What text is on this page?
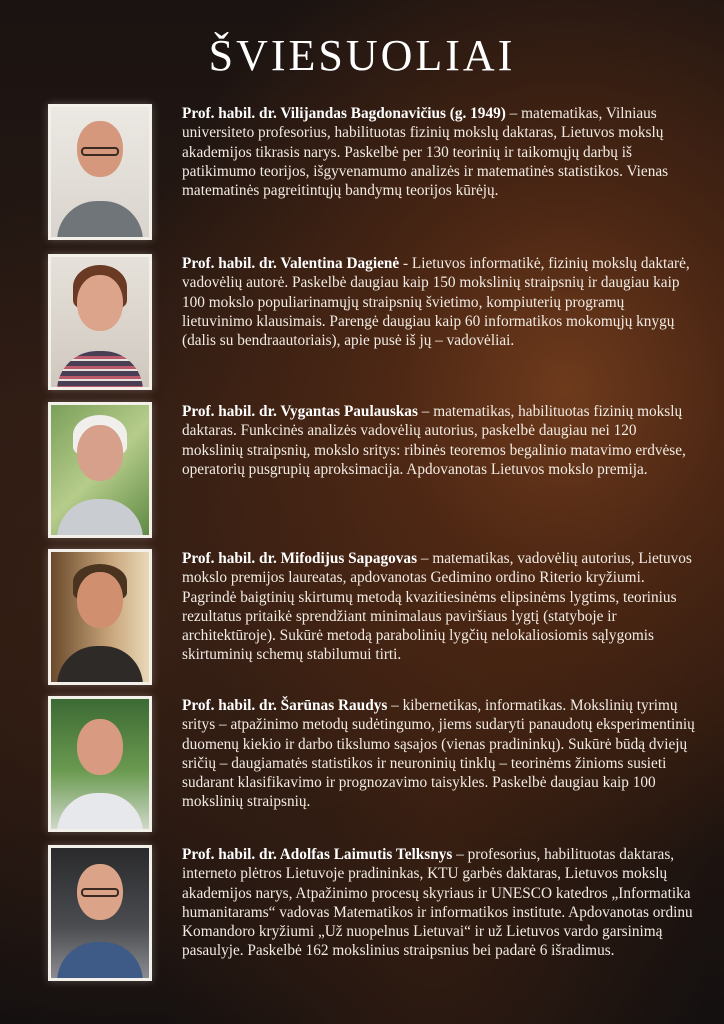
ŠVIESUOLIAI
Prof. habil. dr. Vilijandas Bagdonavičius (g. 1949) – matematikas, Vilniaus universiteto profesorius, habilituotas fizinių mokslų daktaras, Lietuvos mokslų akademijos tikrasis narys. Paskelbė per 130 teorinių ir taikomųjų darbų iš patikimumo teorijos, išgyvenamumo analizės ir matematinės statistikos. Vienas matematinės pagreitintųjų bandymų teorijos kūrėjų.
Prof. habil. dr. Valentina Dagienė - Lietuvos informatikė, fizinių mokslų daktarė, vadovėlių autorė. Paskelbė daugiau kaip 150 mokslinių straipsnių ir daugiau kaip 100 mokslo populiarinamųjų straipsnių švietimo, kompiuterių programų lietuvinimo klausimais. Parengė daugiau kaip 60 informatikos mokomųjų knygų (dalis su bendraautoriais), apie pusė iš jų – vadovėliai.
Prof. habil. dr. Vygantas Paulauskas – matematikas, habilituotas fizinių mokslų daktaras. Funkcinės analizės vadovėlių autorius, paskelbė daugiau nei 120 mokslinių straipsnių, mokslo sritys: ribinės teoremos begalinio matavimo erdvėse, operatorių pusgrupių aproksimacija. Apdovanotas Lietuvos mokslo premija.
Prof. habil. dr. Mifodijus Sapagovas – matematikas, vadovėlių autorius, Lietuvos mokslo premijos laureatas, apdovanotas Gedimino ordino Riterio kryžiumi. Pagrindė baigtinių skirtumų metodą kvazitiesinėms elipsinėms lygtims, teorinius rezultatus pritaikė sprendžiant minimalaus paviršiaus lygtį (statyboje ir architektūroje). Sukūrė metodą parabolinių lygčių nelokaliosiomis sąlygomis skirtuminių schemų stabilumui tirti.
Prof. habil. dr. Šarūnas Raudys – kibernetikas, informatikas. Mokslinių tyrimų sritys – atpažinimo metodų sudėtingumo, jiems sudaryti panaudotų eksperimentinių duomenų kiekio ir darbo tikslumo sąsajos (vienas pradininkų). Sukūrė būdą dviejų sričių – daugiamatės statistikos ir neuroninių tinklų – teorinėms žinioms susieti sudarant klasifikavimo ir prognozavimo taisykles. Paskelbė daugiau kaip 100 mokslinių straipsnių.
Prof. habil. dr. Adolfas Laimutis Telksnys – profesorius, habilituotas daktaras, interneto plėtros Lietuvoje pradininkas, KTU garbės daktaras, Lietuvos mokslų akademijos narys, Atpažinimo procesų skyriaus ir UNESCO katedros „Informatika humanitarams“ vadovas Matematikos ir informatikos institute. Apdovanotas ordinu Komandoro kryžiumi „Už nuopelnus Lietuvai“ ir už Lietuvos vardo garsinimą pasaulyje. Paskelbė 162 mokslinius straipsnius bei padarė 6 išradimus.
